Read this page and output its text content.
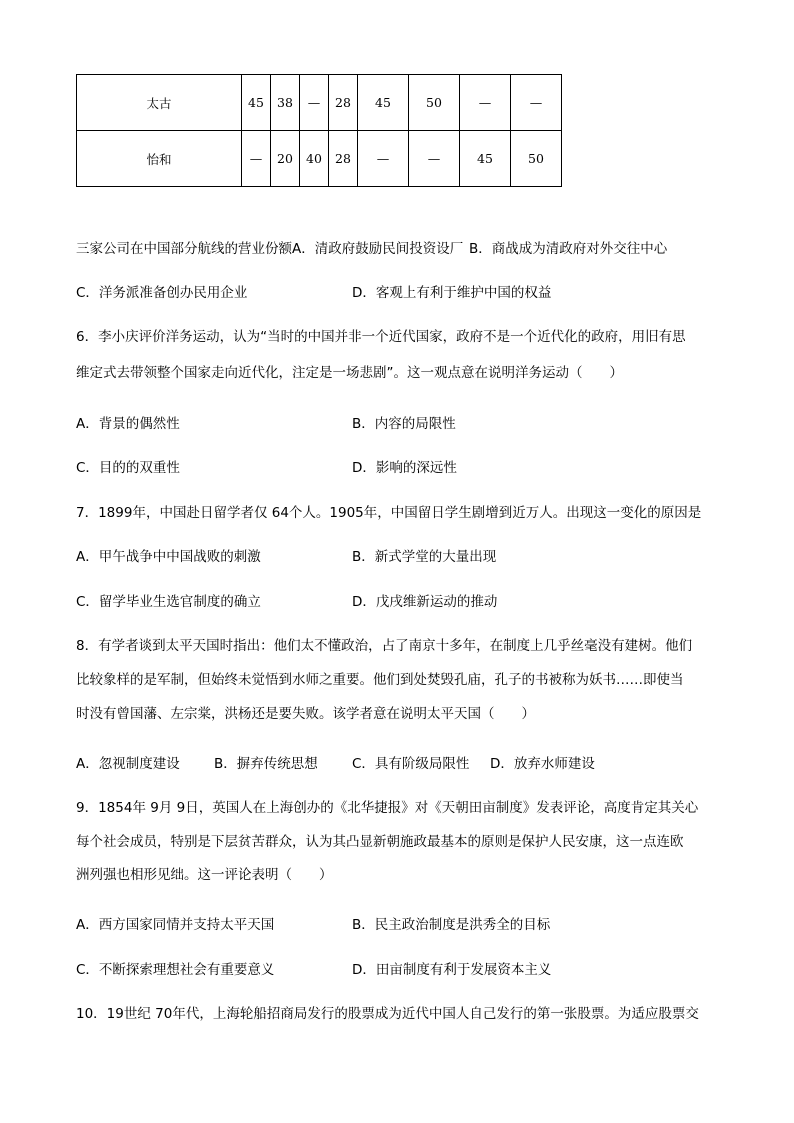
太古	45	38	—	28	45	50	—	—
怡和	—	20	40	28	—	—	45	50
三家公司在中国部分航线的营业份额A．清政府鼓励民间投资设厂 B．商战成为清政府对外交往中心
C．洋务派准备创办民用企业	D．客观上有利于维护中国的权益
6．李小庆评价洋务运动，认为“当时的中国并非一个近代国家，政府不是一个近代化的政府，用旧有思
维定式去带领整个国家走向近代化，注定是一场悲剧”。这一观点意在说明洋务运动（　　）
A．背景的偶然性	B．内容的局限性
C．目的的双重性	D．影响的深远性
7．1899年，中国赴日留学者仅 64个人。1905年，中国留日学生剧增到近万人。出现这一变化的原因是
A．甲午战争中中国战败的刺激	B．新式学堂的大量出现
C．留学毕业生选官制度的确立	D．戊戌维新运动的推动
8．有学者谈到太平天国时指出：他们太不懂政治，占了南京十多年，在制度上几乎丝毫没有建树。他们
比较象样的是军制，但始终未觉悟到水师之重要。他们到处焚毁孔庙，孔子的书被称为妖书……即使当
时没有曾国藩、左宗棠，洪杨还是要失败。该学者意在说明太平天国（　　）
A．忽视制度建设	B．摒弃传统思想	C．具有阶级局限性 D．放弃水师建设
9．1854年 9月 9日，英国人在上海创办的《北华捷报》对《天朝田亩制度》发表评论，高度肯定其关心
每个社会成员，特别是下层贫苦群众，认为其凸显新朝施政最基本的原则是保护人民安康，这一点连欧
洲列强也相形见绌。这一评论表明（　　）
A．西方国家同情并支持太平天国	B．民主政治制度是洪秀全的目标
C．不断探索理想社会有重要意义	D．田亩制度有利于发展资本主义
10．19世纪 70年代，上海轮船招商局发行的股票成为近代中国人自己发行的第一张股票。为适应股票交
